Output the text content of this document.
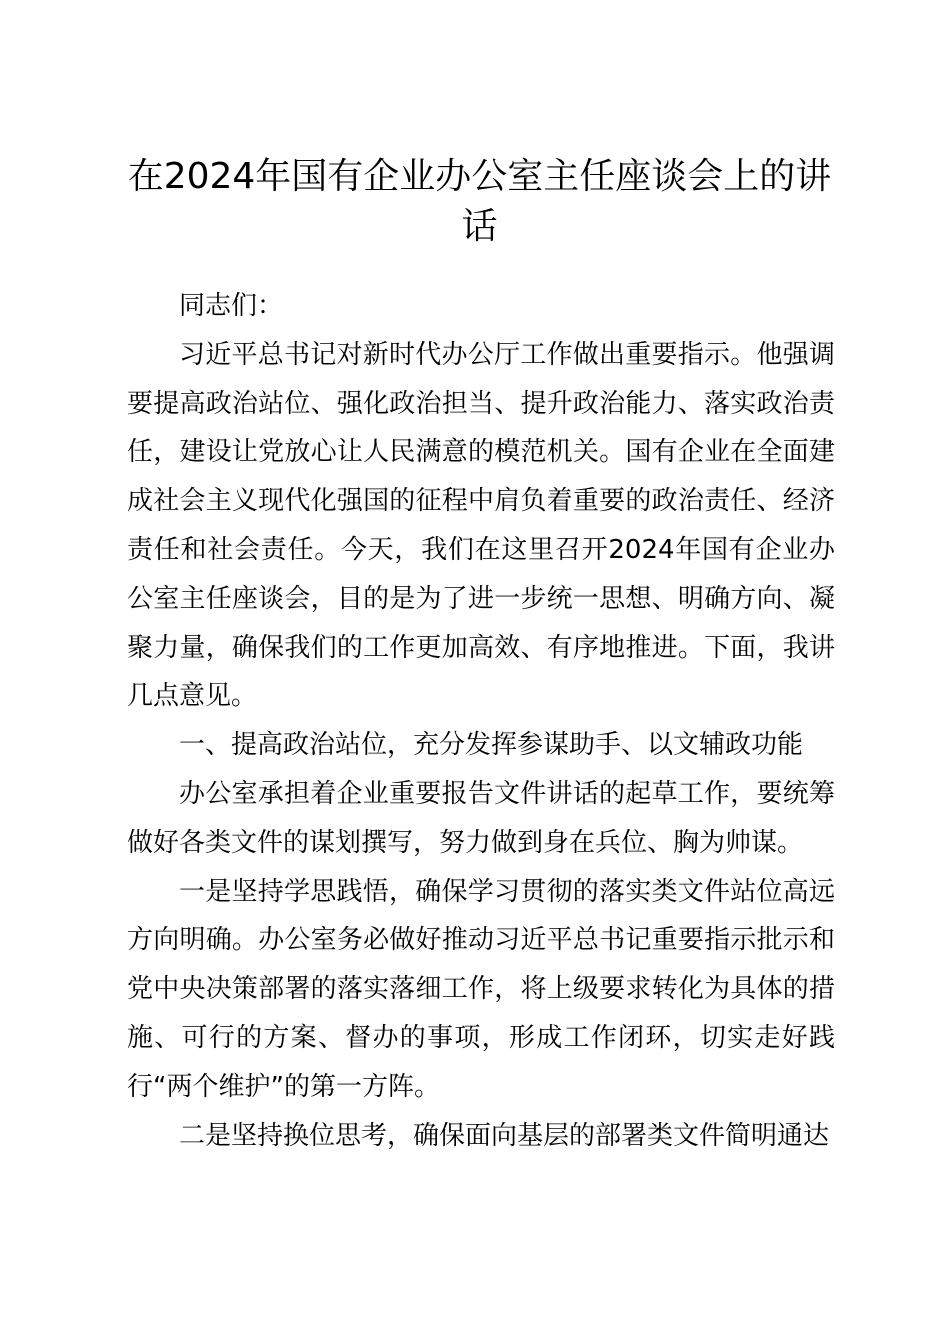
在2024年国有企业办公室主任座谈会上的讲话

同志们：

习近平总书记对新时代办公厅工作做出重要指示。他强调要提高政治站位、强化政治担当、提升政治能力、落实政治责任，建设让党放心让人民满意的模范机关。国有企业在全面建成社会主义现代化强国的征程中肩负着重要的政治责任、经济责任和社会责任。今天，我们在这里召开2024年国有企业办公室主任座谈会，目的是为了进一步统一思想、明确方向、凝聚力量，确保我们的工作更加高效、有序地推进。下面，我讲几点意见。

一、提高政治站位，充分发挥参谋助手、以文辅政功能

办公室承担着企业重要报告文件讲话的起草工作，要统筹做好各类文件的谋划撰写，努力做到身在兵位、胸为帅谋。

一是坚持学思践悟，确保学习贯彻的落实类文件站位高远方向明确。办公室务必做好推动习近平总书记重要指示批示和党中央决策部署的落实落细工作，将上级要求转化为具体的措施、可行的方案、督办的事项，形成工作闭环，切实走好践行“两个维护”的第一方阵。

二是坚持换位思考，确保面向基层的部署类文件简明通达
